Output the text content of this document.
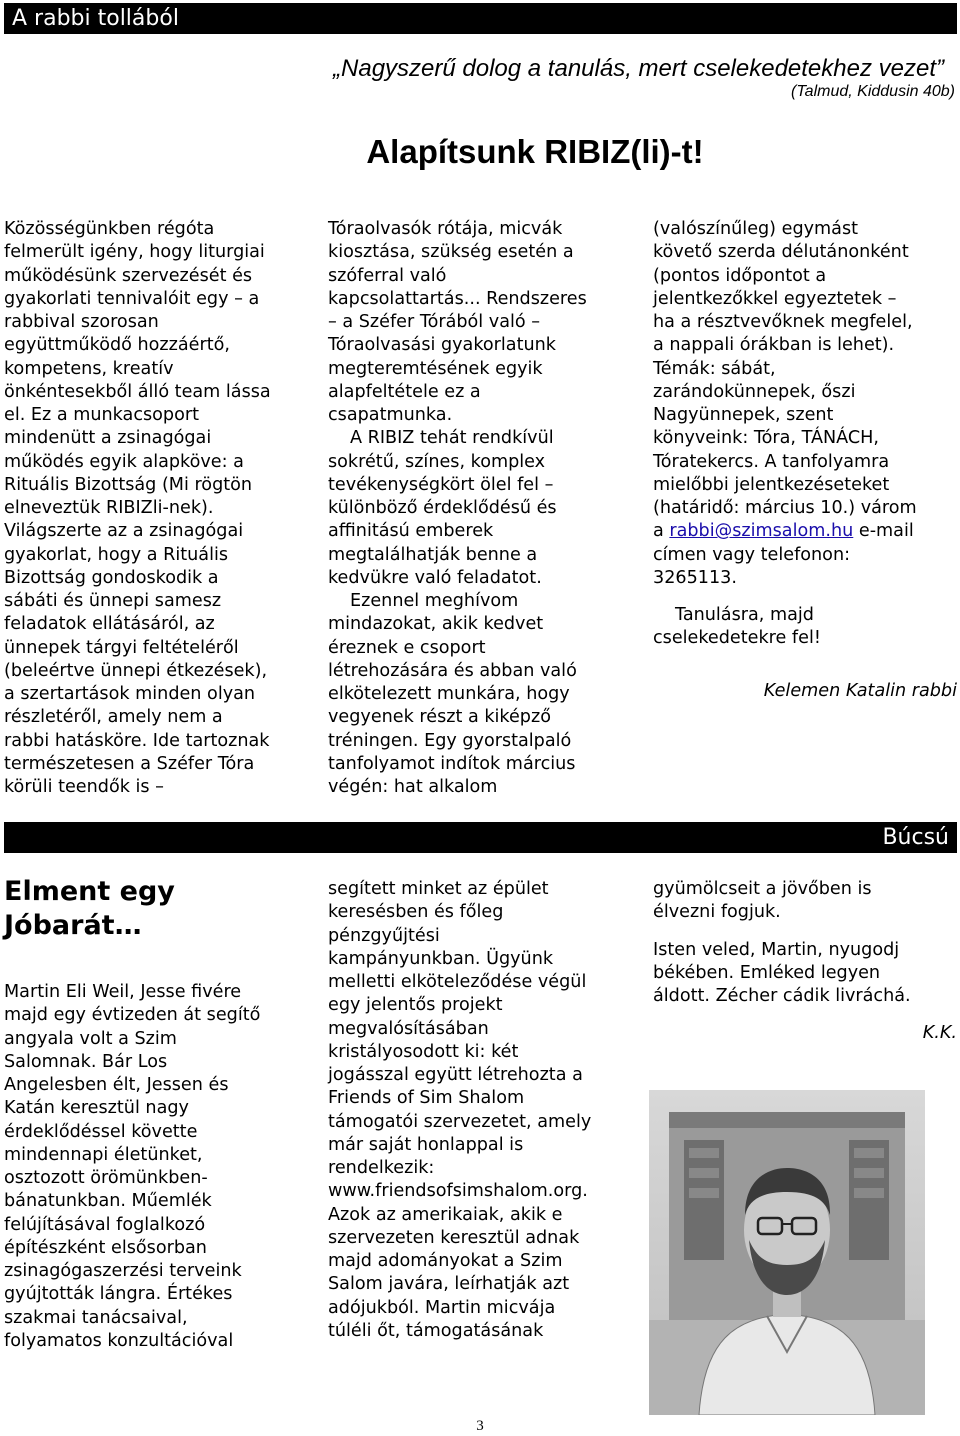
A rabbi tollából
„Nagyszerű dolog a tanulás, mert cselekedetekhez vezet”
(Talmud, Kiddusin 40b)
Alapítsunk RIBIZ(li)-t!

Közösségünkben régóta
felmerült igény, hogy liturgiai
működésünk szervezését és
gyakorlati tennivalóit egy – a
rabbival szorosan
együttműködő hozzáértő,
kompetens, kreatív
önkéntesekből álló team lássa
el. Ez a munkacsoport
mindenütt a zsinagógai
működés egyik alapköve: a
Rituális Bizottság (Mi rögtön
elneveztük RIBIZli-nek).
Világszerte az a zsinagógai
gyakorlat, hogy a Rituális
Bizottság gondoskodik a
sábáti és ünnepi samesz
feladatok ellátásáról, az
ünnepek tárgyi feltételéről
(beleértve ünnepi étkezések),
a szertartások minden olyan
részletéről, amely nem a
rabbi hatásköre. Ide tartoznak
természetesen a Széfer Tóra
körüli teendők is –

Tóraolvasók rótája, micvák
kiosztása, szükség esetén a
szóferral való
kapcsolattartás... Rendszeres
– a Széfer Tórából való –
Tóraolvasási gyakorlatunk
megteremtésének egyik
alapfeltétele ez a
csapatmunka.

A RIBIZ tehát rendkívül
sokrétű, színes, komplex
tevékenységkört ölel fel –
különböző érdeklődésű és
affinitású emberek
megtalálhatják benne a
kedvükre való feladatot.

Ezennel meghívom
mindazokat, akik kedvet
éreznek e csoport
létrehozására és abban való
elkötelezett munkára, hogy
vegyenek részt a kiképző
tréningen. Egy gyorstalpaló
tanfolyamot indítok március
végén: hat alkalom

(valószínűleg) egymást
követő szerda délutánonként
(pontos időpontot a
jelentkezőkkel egyeztetek –
ha a résztvevőknek megfelel,
a nappali órákban is lehet).
Témák: sábát,
zarándokünnepek, őszi
Nagyünnepek, szent
könyveink: Tóra, TÁNÁCH,
Tóratekercs. A tanfolyamra
mielőbbi jelentkezéseteket
(határidő: március 10.) várom
a rabbi@szimsalom.hu e-mail
címen vagy telefonon:
3265113.

Tanulásra, majd
cselekedetekre fel!

Kelemen Katalin rabbi

Búcsú
Elment egy
Jóbarát…

Martin Eli Weil, Jesse fivére
majd egy évtizeden át segítő
angyala volt a Szim
Salomnak. Bár Los
Angelesben élt, Jessen és
Katán keresztül nagy
érdeklődéssel követte
mindennapi életünket,
osztozott örömünkben-
bánatunkban. Műemlék
felújításával foglalkozó
építészként elsősorban
zsinagógaszerzési terveink
gyújtották lángra. Értékes
szakmai tanácsaival,
folyamatos konzultációval

segített minket az épület
keresésben és főleg
pénzgyűjtési
kampányunkban. Ügyünk
melletti elköteleződése végül
egy jelentős projekt
megvalósításában
kristályosodott ki: két
jogásszal együtt létrehozta a
Friends of Sim Shalom
támogatói szervezetet, amely
már saját honlappal is
rendelkezik:
www.friendsofsimshalom.org.
Azok az amerikaiak, akik e
szervezeten keresztül adnak
majd adományokat a Szim
Salom javára, leírhatják azt
adójukból. Martin micvája
túléli őt, támogatásának

gyümölcseit a jövőben is
élvezni fogjuk.

Isten veled, Martin, nyugodj
békében. Emléked legyen
áldott. Zécher cádik livráchá.

K.K.

3
